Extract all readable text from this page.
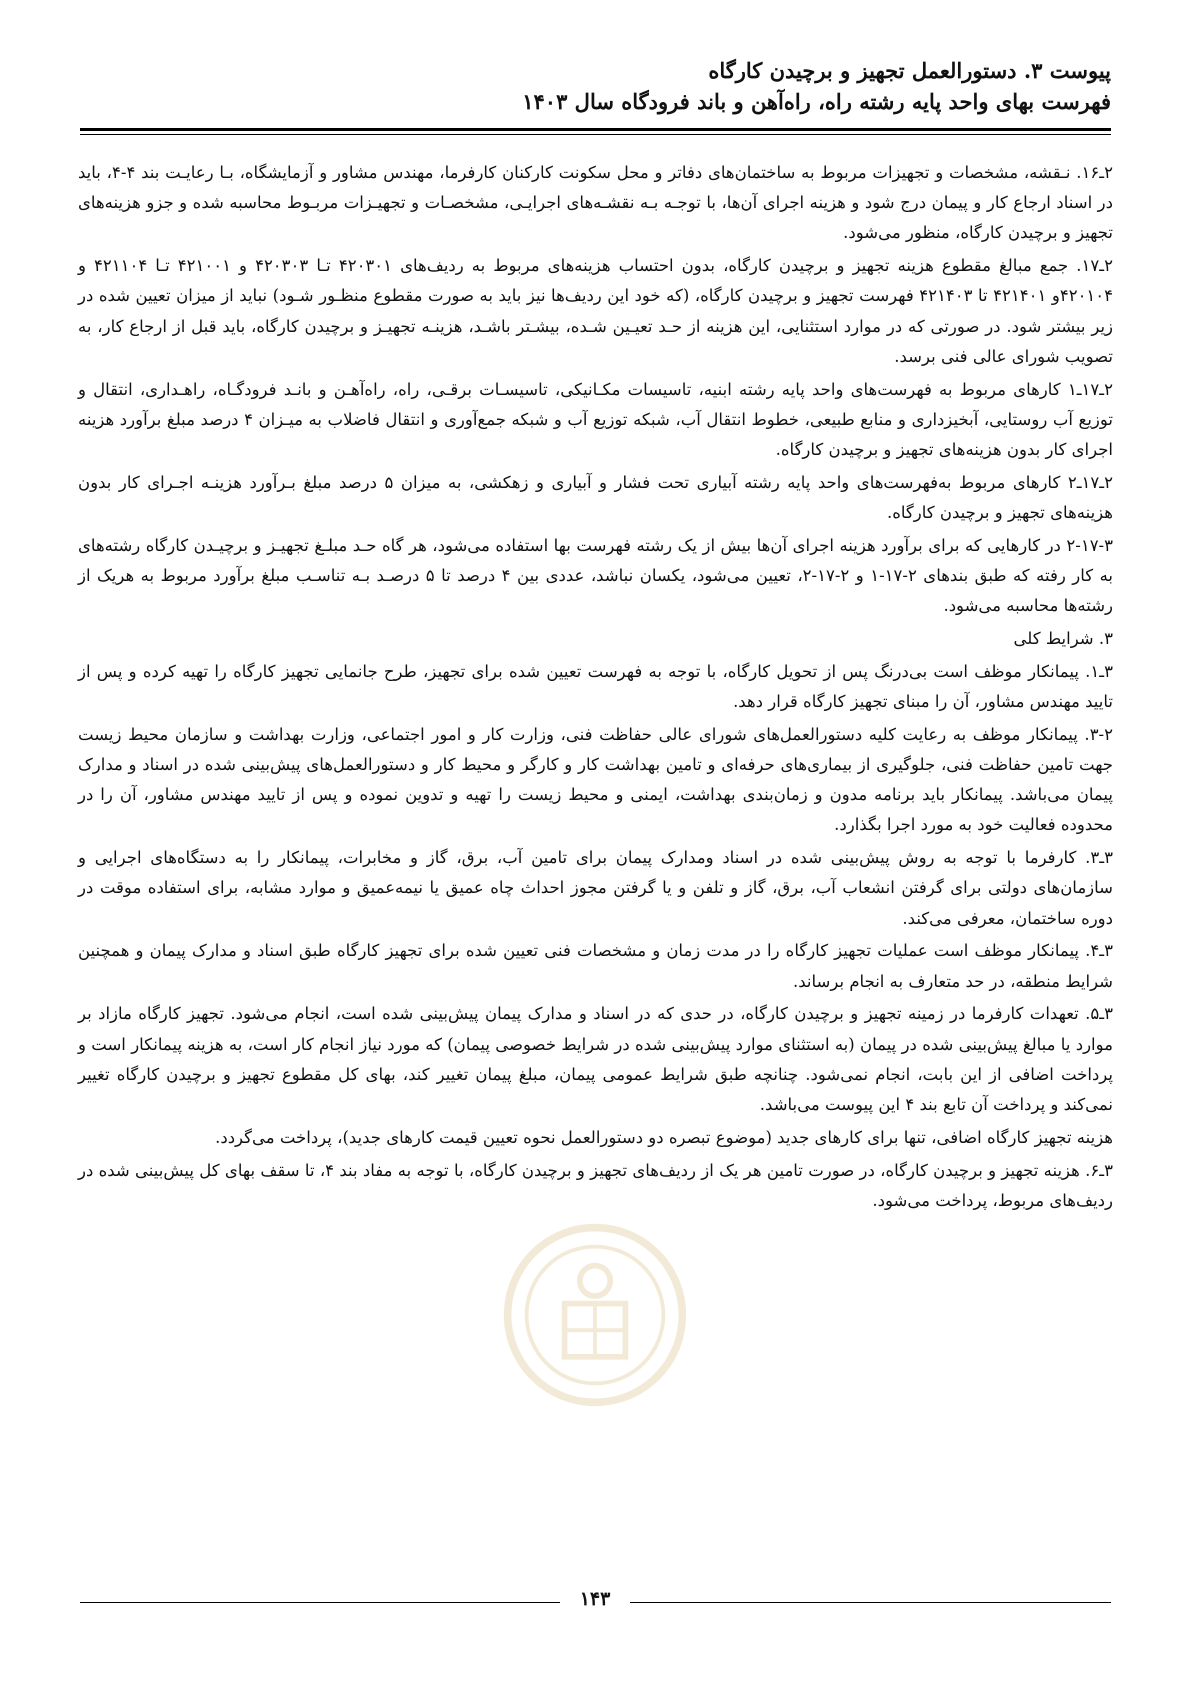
پیوست ۳. دستورالعمل تجهیز و برچیدن کارگاه
فهرست بهای واحد پایه رشته راه، راه‌آهن و باند فرودگاه سال ۱۴۰۳

۲ـ۱۶. نـقشه، مشخصات و تجهیزات مربوط به ساختمان‌های دفاتر و محل سکونت کارکنان کارفرما، مهندس مشاور و آزمایشگاه، بـا رعایـت بند ۴-۴، باید در اسناد ارجاع کار و پیمان درج شود و هزینه اجرای آن‌ها، با توجـه بـه نقشـه‌های اجرایـی، مشخصـات و تجهیـزات مربـوط محاسبه شده و جزو هزینه‌های تجهیز و برچیدن کارگاه، منظور می‌شود.

۲ـ۱۷. جمع مبالغ مقطوع هزینه تجهیز و برچیدن کارگاه، بدون احتساب هزینه‌های مربوط به ردیف‌های ۴۲۰۳۰۱ تـا ۴۲۰۳۰۳ و ۴۲۱۰۰۱ تـا ۴۲۱۱۰۴ و ۴۲۰۱۰۴و ۴۲۱۴۰۱ تا ۴۲۱۴۰۳ فهرست تجهیز و برچیدن کارگاه، (که خود این ردیف‌ها نیز باید به صورت مقطوع منظـور شـود) نباید از میزان تعیین شده در زیر بیشتر شود. در صورتی که در موارد استثنایی، این هزینه از حـد تعیـین شـده، بیشـتر باشـد، هزینـه تجهیـز و برچیدن کارگاه، باید قبل از ارجاع کار، به تصویب شورای عالی فنی برسد.

۲ـ۱۷ـ۱ کارهای مربوط به فهرست‌های واحد پایه رشته ابنیه، تاسیسات مکـانیکی، تاسیسـات برقـی، راه، راه‌آهـن و بانـد فرودگـاه، راهـداری، انتقال و توزیع آب روستایی، آبخیزداری و منابع طبیعی، خطوط انتقال آب، شبکه توزیع آب و شبکه جمع‌آوری و انتقال فاضلاب به میـزان ۴ درصد مبلغ برآورد هزینه اجرای کار بدون هزینه‌های تجهیز و برچیدن کارگاه.

۲ـ۱۷ـ۲ کارهای مربوط به‌فهرست‌های واحد پایه رشته آبیاری تحت فشار و آبیاری و زهکشی، به میزان ۵ درصد مبلغ بـرآورد هزینـه اجـرای کار بدون هزینه‌های تجهیز و برچیدن کارگاه.

۲-۱۷-۳ در کارهایی که برای برآورد هزینه اجرای آن‌ها بیش از یک رشته فهرست بها استفاده می‌شود، هر گاه حـد مبلـغ تجهیـز و برچیـدن کارگاه رشته‌های به کار رفته که طبق بندهای ۲-۱۷-۱ و ۲-۱۷-۲، تعیین می‌شود، یکسان نباشد، عددی بین ۴ درصد تا ۵ درصـد بـه تناسـب مبلغ برآورد مربوط به هریک از رشته‌ها محاسبه می‌شود.

۳. شرایط کلی

۳ـ۱. پیمانکار موظف است بی‌درنگ پس از تحویل کارگاه، با توجه به فهرست تعیین شده برای تجهیز، طرح جانمایی تجهیز کارگاه را تهیه کرده و پس از تایید مهندس مشاور، آن را مبنای تجهیز کارگاه قرار دهد.

۳-۲. پیمانکار موظف به رعایت کلیه دستورالعمل‌های شورای عالی حفاظت فنی، وزارت کار و امور اجتماعی، وزارت بهداشت و سازمان محیط زیست جهت تامین حفاظت فنی، جلوگیری از بیماری‌های حرفه‌ای و تامین بهداشت کار و کارگر و محیط کار و دستورالعمل‌های پیش‌بینی شده در اسناد و مدارک پیمان می‌باشد. پیمانکار باید برنامه مدون و زمان‌بندی بهداشت، ایمنی و محیط زیست را تهیه و تدوین نموده و پس از تایید مهندس مشاور، آن را در محدوده فعالیت خود به مورد اجرا بگذارد.

۳ـ۳. کارفرما با توجه به روش پیش‌بینی شده در اسناد ومدارک پیمان برای تامین آب، برق، گاز و مخابرات، پیمانکار را به دستگاه‌های اجرایی و سازمان‌های دولتی برای گرفتن انشعاب آب، برق، گاز و تلفن و یا گرفتن مجوز احداث چاه عمیق یا نیمه‌عمیق و موارد مشابه، برای استفاده موقت در دوره ساختمان، معرفی می‌کند.

۳ـ۴. پیمانکار موظف است عملیات تجهیز کارگاه را در مدت زمان و مشخصات فنی تعیین شده برای تجهیز کارگاه طبق اسناد و مدارک پیمان و همچنین شرایط منطقه، در حد متعارف به انجام برساند.

۳ـ۵. تعهدات کارفرما در زمینه تجهیز و برچیدن کارگاه، در حدی که در اسناد و مدارک پیمان پیش‌بینی شده است، انجام می‌شود. تجهیز کارگاه مازاد بر موارد یا مبالغ پیش‌بینی شده در پیمان (به استثنای موارد پیش‌بینی شده در شرایط خصوصی پیمان) که مورد نیاز انجام کار است، به هزینه پیمانکار است و پرداخت اضافی از این بابت، انجام نمی‌شود. چنانچه طبق شرایط عمومی پیمان، مبلغ پیمان تغییر کند، بهای کل مقطوع تجهیز و برچیدن کارگاه تغییر نمی‌کند و پرداخت آن تابع بند ۴ این پیوست می‌باشد.

هزینه تجهیز کارگاه اضافی، تنها برای کارهای جدید (موضوع تبصره دو دستورالعمل نحوه تعیین قیمت کارهای جدید)، پرداخت می‌گردد.

۳ـ۶. هزینه تجهیز و برچیدن کارگاه، در صورت تامین هر یک از ردیف‌های تجهیز و برچیدن کارگاه، با توجه به مفاد بند ۴، تا سقف بهای کل پیش‌بینی شده در ردیف‌های مربوط، پرداخت می‌شود.

۱۴۳
